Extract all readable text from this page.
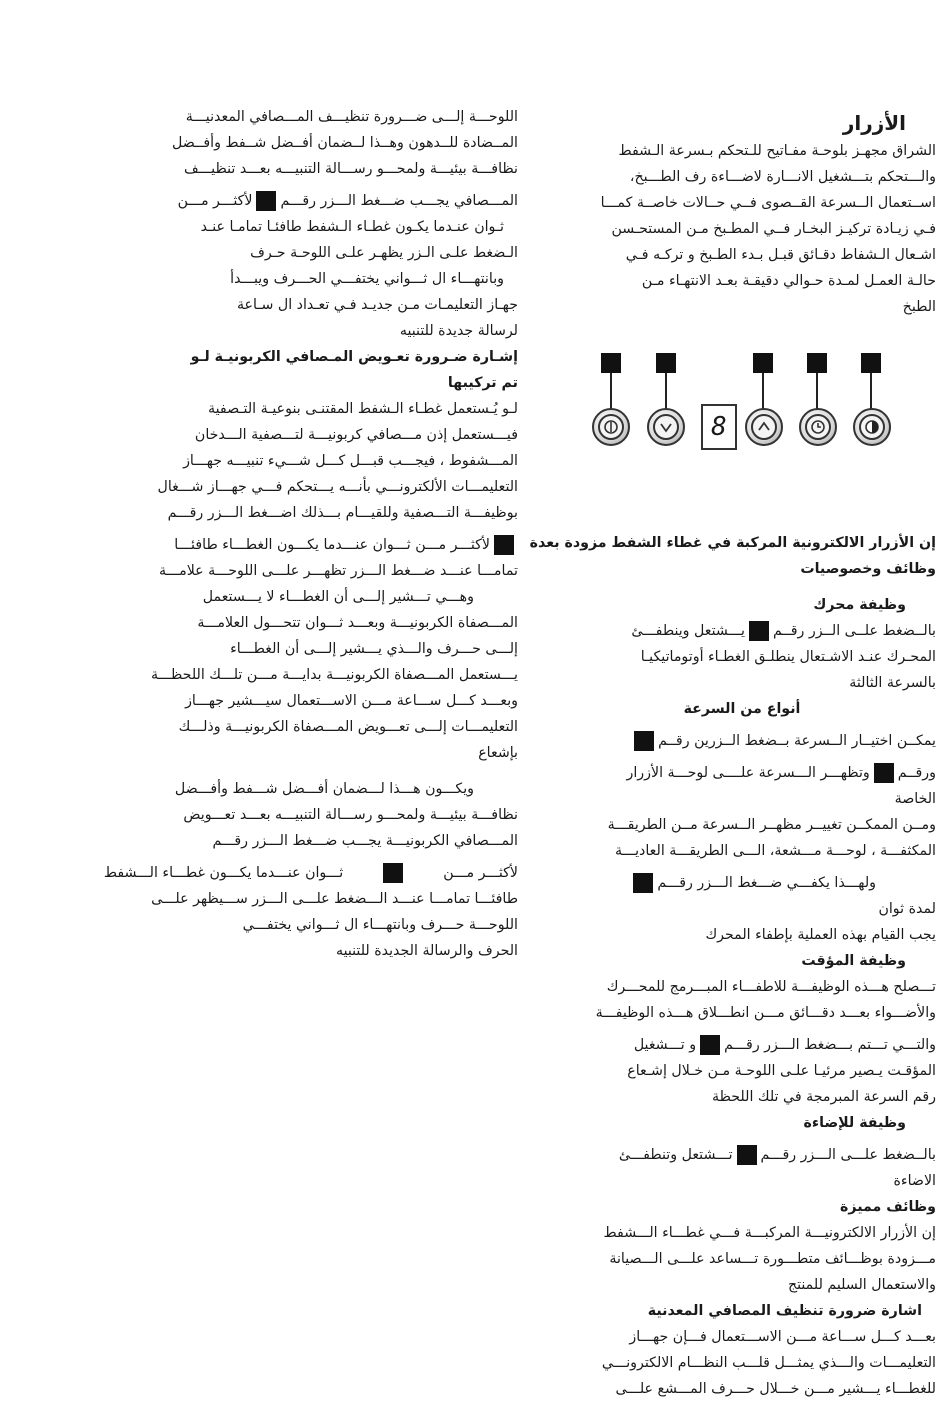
الأزرار
الشراق مجهـز بلوحـة مفـاتيح للـتحكم بـسرعة الـشفط
والـــتحكم بتـــشغيل الانـــارة لاضـــاءة رف الطـــبخ،
اســتعمال الــسرعة القــصوى فــي حــالات خاصــة كمـــا
فـي زيـادة تركيـز البخـار فــي المطـبخ مـن المستحـسن
اشـعال الـشفاط دقـائق قبـل بـدء الطـبخ و تركـه فـي
حالـة العمـل لمـدة حـوالي دقيقـة بعـد الانتهـاء مـن
الطبخ
إن الأزرار الالكترونية المركبة في غطاء الشفط مزودة بعدة
وظائف وخصوصيات
وظيفة محرك
بالــضغط علــى الــزر رقــميـــشتعل وينطفـــئ
المحـرك عنـد الاشـتعال ينطلـق الغطـاء أوتوماتيكيـا
بالسرعة الثالثة
أنواع من السرعة
يمكــن اختيــار الــسرعة بــضغط الــزرين رقــم
ورقــموتظهـــر الـــسرعة علــــى لوحـــة الأزرار
الخاصة
ومــن الممكــن تغييــر مظهــر الــسرعة مــن الطريقـــة
المكثفـــة ، لوحـــة مـــشعة، الـــى الطريقـــة العاديـــة
ولهـــذا يكفـــي ضـــغط الـــزر رقـــم
لمدة ثوان
يجب القيام بهذه العملية بإطفاء المحرك
وظيفة المؤقت
تـــصلح هـــذه الوظيفـــة للاطفـــاء المبـــرمج للمحـــرك
والأضـــواء بعـــد دقـــائق مـــن انطـــلاق هـــذه الوظيفـــة
والتـــي تـــتم بـــضغط الـــزر رقـــمو تـــشغيل
المؤقـت يـصير مرئيـا علـى اللوحـة مـن خـلال إشـعاع
رقم السرعة المبرمجة في تلك اللحظة
وظيفة للإضاءة
بالــضغط علـــى الـــزر رقـــمتـــشتعل وتنطفـــئ
الاضاءة
وظائف مميزة
إن الأزرار الالكترونيـــة المركبـــة فـــي غطـــاء الـــشفط
مـــزودة بوظـــائف متطـــورة تـــساعد علـــى الـــصيانة
والاستعمال السليم للمنتج
اشارة ضرورة تنظيف المصافي المعدنية
بعـــد كـــل ســـاعة مـــن الاســـتعمال فـــإن جهـــاز
التعليمـــات والـــذي يمثـــل قلـــب النظـــام الالكترونـــي
للغطـــاء يـــشير مـــن خـــلال حـــرف المـــشع علـــى
8
اللوحـــة إلـــى ضـــرورة تنظيـــف المـــصافي المعدنيـــة
المــضادة للــدهون وهــذا لــضمان أفــضل شــفط وأفــضل
نظافـــة بيئيـــة ولمحـــو رســـالة التنبيـــه بعـــد تنظيـــف
المـــصافي يجـــب ضـــغط الـــزر رقـــملأكثـــر مـــن
ثـوان عنـدما يكـون غطـاء الـشفط طافئـا تمامـا عنـد
الـضغط علـى الـزر يظهـر علـى اللوحـة حـرف
وبانتهـــاء ال ثـــواني يختفـــي الحـــرف ويبـــدأ
جهـاز التعليمـات مـن جديـد فـي تعـداد ال سـاعة
لرسالة جديدة للتنبيه
إشـارة ضـرورة تعـويض المـصافي الكربونيـة لـو
تم تركيبها
لـو يُـستعمل غطـاء الـشفط المقتنـى بنوعيـة التـصفية
فيـــستعمل إذن مـــصافي كربونيـــة لتـــصفية الـــدخان
المـــشفوط ، فيجـــب قبـــل كـــل شـــيء تنبيـــه جهـــاز
التعليمـــات الألكترونـــي بأنـــه يـــتحكم فـــي جهـــاز شـــغال
بوظيفـــة التـــصفية وللقيـــام بـــذلك اضـــغط الـــزر رقـــم
لأكثـــر مـــن ثـــوان عنـــدما يكـــون الغطـــاء طافئـــا
تمامـــا عنـــد ضـــغط الـــزر تظهـــر علـــى اللوحـــة علامـــة
وهـــي تـــشير إلـــى أن الغطـــاء لا يـــستعمل
المـــصفاة الكربونيـــة وبعـــد ثـــوان تتحـــول العلامـــة
إلـــى حـــرف والـــذي يـــشير إلـــى أن الغطـــاء
يـــستعمل المـــصفاة الكربونيـــة بدايـــة مـــن تلـــك اللحظـــة
وبعـــد كـــل ســـاعة مـــن الاســـتعمال سيـــشير جهـــاز
التعليمـــات إلـــى تعـــويض المـــصفاة الكربونيـــة وذلـــك
بإشعاع
ويكـــون هـــذا لـــضمان أفـــضل شـــفط وأفـــضل
نظافـــة بيئيـــة ولمحـــو رســـالة التنبيـــه بعـــد تعـــويض
المـــصافي الكربونيـــة يجـــب ضـــغط الـــزر رقـــم
لأكثـــر مـــنثـــوان عنـــدما يكـــون غطـــاء الـــشفط
طافئـــا تمامـــا عنـــد الـــضغط علـــى الـــزر ســـيظهر علـــى
اللوحـــة حـــرف وبانتهـــاء ال ثـــواني يختفـــي
الحرف والرسالة الجديدة للتنبيه
